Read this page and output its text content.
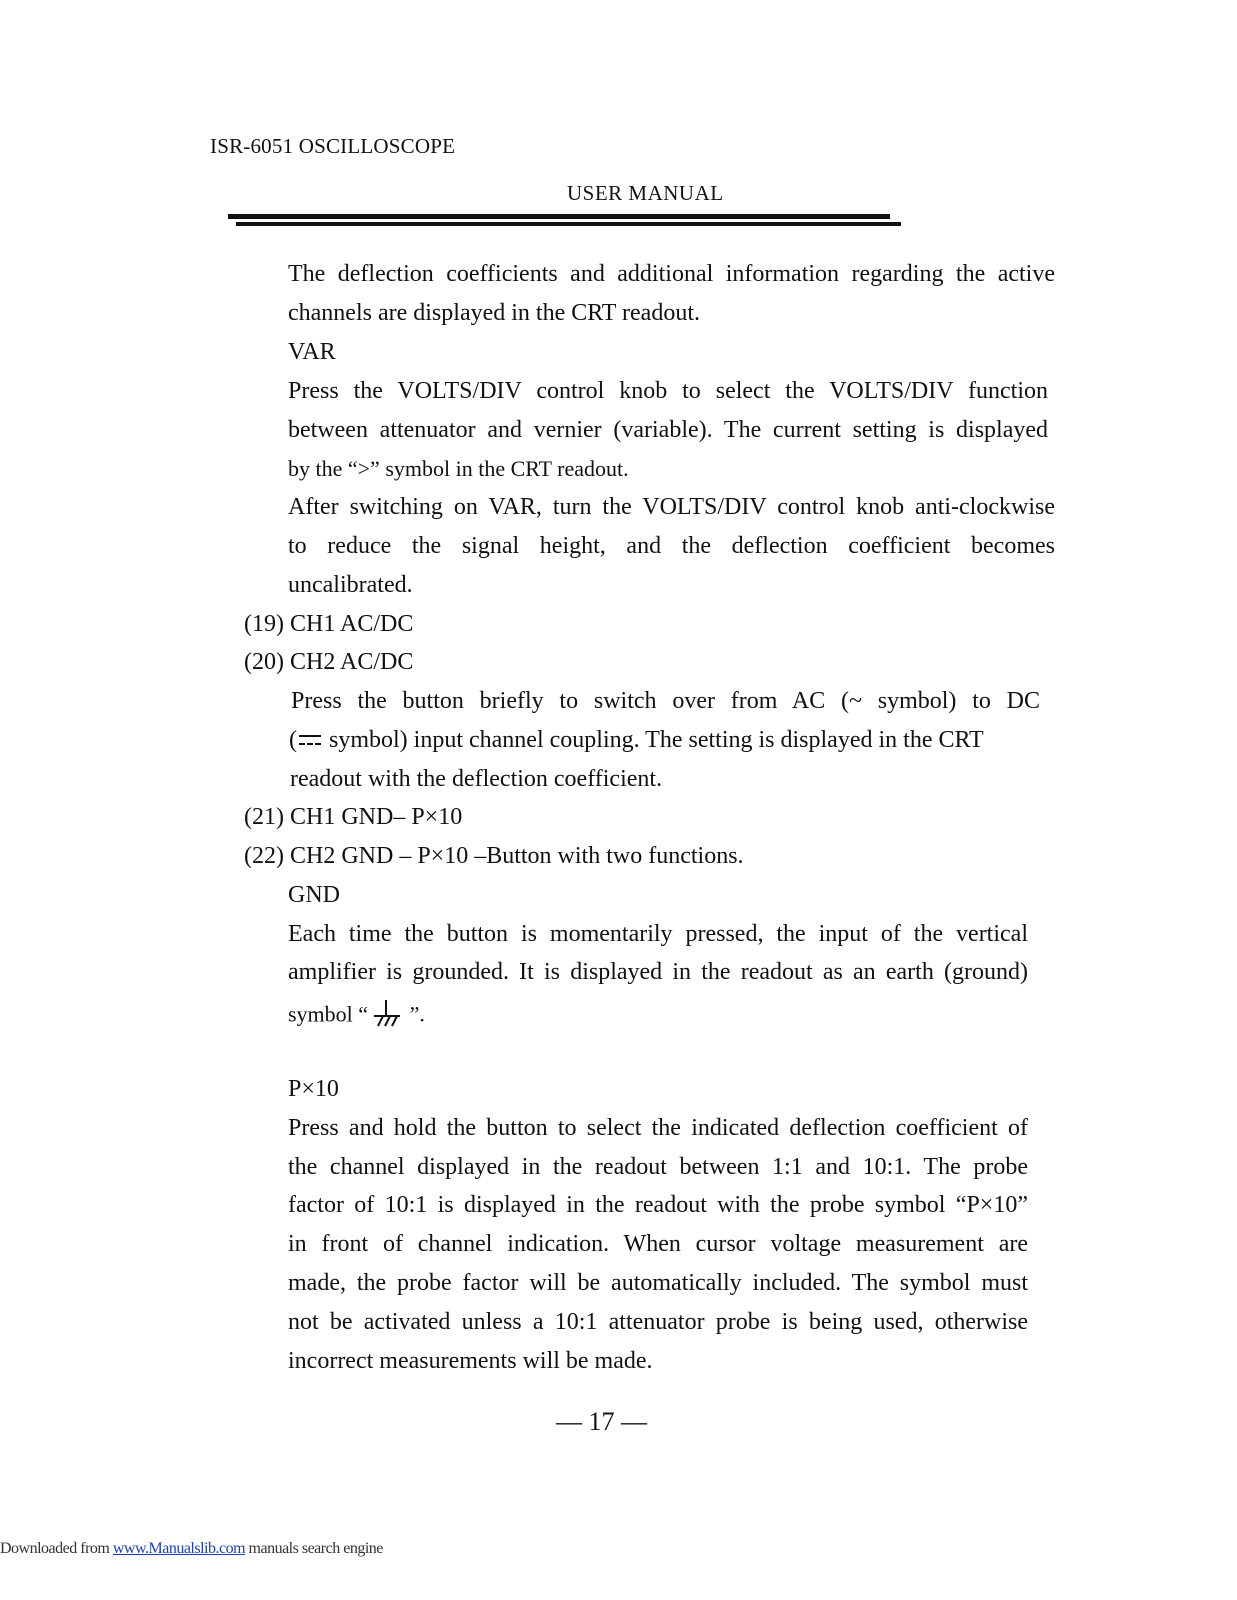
ISR-6051 OSCILLOSCOPE
USER MANUAL
The deflection coefficients and additional information regarding the active
channels are displayed in the CRT readout.
VAR
Press the VOLTS/DIV control knob to select the VOLTS/DIV function
between attenuator and vernier (variable). The current setting is displayed
by the “>” symbol in the CRT readout.
After switching on VAR, turn the VOLTS/DIV control knob anti-clockwise
to reduce the signal height, and the deflection coefficient becomes
uncalibrated.
(19) CH1 AC/DC
(20) CH2 AC/DC
Press the button briefly to switch over from AC (~ symbol) to DC
(
symbol) input channel coupling. The setting is displayed in the CRT
readout with the deflection coefficient.
(21) CH1 GND– P×10
(22) CH2 GND – P×10 –Button with two functions.
GND
Each time the button is momentarily pressed, the input of the vertical
amplifier is grounded. It is displayed in the readout as an earth (ground)
symbol “ ”.
P×10
Press and hold the button to select the indicated deflection coefficient of
the channel displayed in the readout between 1:1 and 10:1. The probe
factor of 10:1 is displayed in the readout with the probe symbol “P×10”
in front of channel indication. When cursor voltage measurement are
made, the probe factor will be automatically included. The symbol must
not be activated unless a 10:1 attenuator probe is being used, otherwise
incorrect measurements will be made.
— 17 —
Downloaded from www.Manualslib.com manuals search engine
